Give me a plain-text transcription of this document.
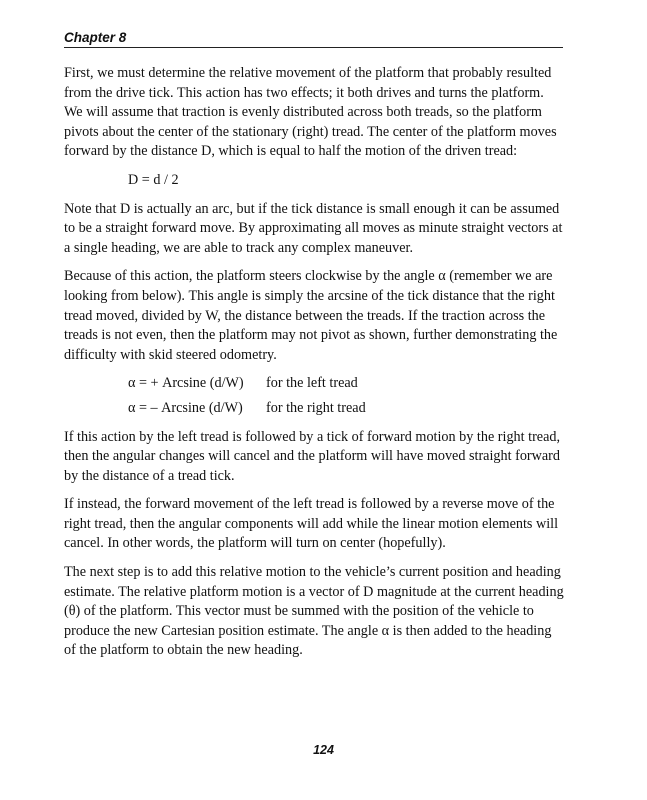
Chapter 8

First, we must determine the relative movement of the platform that probably resulted from the drive tick. This action has two effects; it both drives and turns the platform. We will assume that traction is evenly distributed across both treads, so the platform pivots about the center of the stationary (right) tread. The center of the platform moves forward by the distance D, which is equal to half the motion of the driven tread:

D = d / 2

Note that D is actually an arc, but if the tick distance is small enough it can be assumed to be a straight forward move. By approximating all moves as minute straight vectors at a single heading, we are able to track any complex maneuver.

Because of this action, the platform steers clockwise by the angle α (remember we are looking from below). This angle is simply the arcsine of the tick distance that the right tread moved, divided by W, the distance between the treads. If the traction across the treads is not even, then the platform may not pivot as shown, further demonstrating the difficulty with skid steered odometry.

α = + Arcsine (d/W)	for the left tread
α = – Arcsine (d/W)	for the right tread

If this action by the left tread is followed by a tick of forward motion by the right tread, then the angular changes will cancel and the platform will have moved straight forward by the distance of a tread tick.

If instead, the forward movement of the left tread is followed by a reverse move of the right tread, then the angular components will add while the linear motion elements will cancel. In other words, the platform will turn on center (hopefully).

The next step is to add this relative motion to the vehicle’s current position and heading estimate. The relative platform motion is a vector of D magnitude at the current heading (θ) of the platform. This vector must be summed with the position of the vehicle to produce the new Cartesian position estimate. The angle α is then added to the heading of the platform to obtain the new heading.

124
